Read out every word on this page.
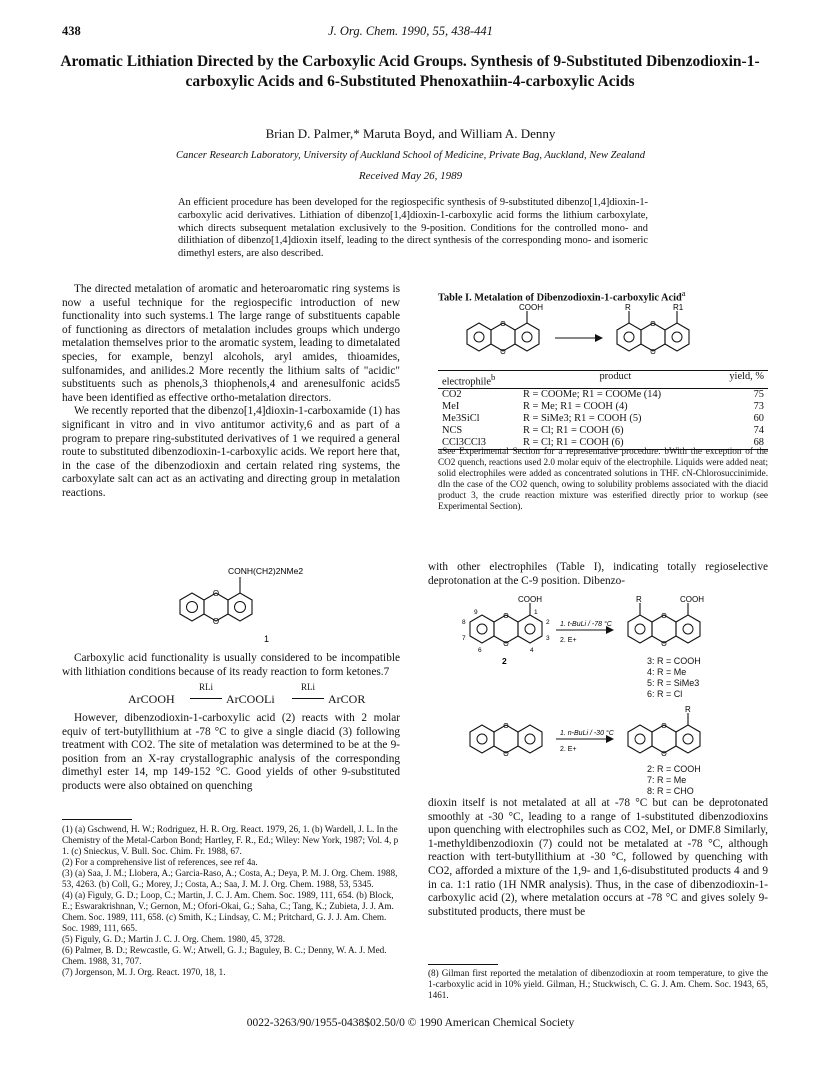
438	J. Org. Chem. 1990, 55, 438-441
Aromatic Lithiation Directed by the Carboxylic Acid Groups. Synthesis of 9-Substituted Dibenzodioxin-1-carboxylic Acids and 6-Substituted Phenoxathiin-4-carboxylic Acids
Brian D. Palmer,* Maruta Boyd, and William A. Denny
Cancer Research Laboratory, University of Auckland School of Medicine, Private Bag, Auckland, New Zealand
Received May 26, 1989
An efficient procedure has been developed for the regiospecific synthesis of 9-substituted dibenzo[1,4]dioxin-1-carboxylic acid derivatives. Lithiation of dibenzo[1,4]dioxin-1-carboxylic acid forms the lithium carboxylate, which directs subsequent metalation exclusively to the 9-position. Conditions for the controlled mono- and dilithiation of dibenzo[1,4]dioxin itself, leading to the direct synthesis of the corresponding mono- and isomeric dimethyl esters, are also described.

The directed metalation of aromatic and heteroaromatic ring systems is now a useful technique for the regiospecific introduction of new functionality into such systems.1 The large range of substituents capable of functioning as directors of metalation includes groups which undergo metalation themselves prior to the aromatic system, leading to dimetalated species, for example, benzyl alcohols, aryl amides, thioamides, sulfonamides, and anilides.2 More recently the lithium salts of "acidic" substituents such as phenols,3 thiophenols,4 and arenesulfonic acids5 have been identified as effective ortho-metalation directors.

We recently reported that the dibenzo[1,4]dioxin-1-carboxamide (1) has significant in vitro and in vivo antitumor activity,6 and as part of a program to prepare ring-substituted derivatives of 1 we required a general route to substituted dibenzodioxin-1-carboxylic acids. We report here that, in the case of the dibenzodioxin and certain related ring systems, the carboxylate salt can act as an activating and directing group in metalation reactions.

O
O
CONH(CH2)2NMe2
1

Carboxylic acid functionality is usually considered to be incompatible with lithiation conditions because of its ready reaction to form ketones.7

ArCOOH
RLi
ArCOOLi
RLi
ArCOR

However, dibenzodioxin-1-carboxylic acid (2) reacts with 2 molar equiv of tert-butyllithium at -78 °C to give a single diacid (3) following treatment with CO2. The site of metalation was determined to be at the 9-position from an X-ray crystallographic analysis of the corresponding dimethyl ester 14, mp 149-152 °C. Good yields of other 9-substituted products were also obtained on quenching

(1) (a) Gschwend, H. W.; Rodriguez, H. R. Org. React. 1979, 26, 1. (b) Wardell, J. L. In the Chemistry of the Metal-Carbon Bond; Hartley, F. R., Ed.; Wiley: New York, 1987; Vol. 4, p 1. (c) Snieckus, V. Bull. Soc. Chim. Fr. 1988, 67.

(2) For a comprehensive list of references, see ref 4a.

(3) (a) Saa, J. M.; Llobera, A.; Garcia-Raso, A.; Costa, A.; Deya, P. M. J. Org. Chem. 1988, 53, 4263. (b) Coll, G.; Morey, J.; Costa, A.; Saa, J. M. J. Org. Chem. 1988, 53, 5345.

(4) (a) Figuly, G. D.; Loop, C.; Martin, J. C. J. Am. Chem. Soc. 1989, 111, 654. (b) Block, E.; Eswarakrishnan, V.; Gernon, M.; Ofori-Okai, G.; Saha, C.; Tang, K.; Zubieta, J. J. Am. Chem. Soc. 1989, 111, 658. (c) Smith, K.; Lindsay, C. M.; Pritchard, G. J. J. Am. Chem. Soc. 1989, 111, 665.

(5) Figuly, G. D.; Martin J. C. J. Org. Chem. 1980, 45, 3728.

(6) Palmer, B. D.; Rewcastle, G. W.; Atwell, G. J.; Baguley, B. C.; Denny, W. A. J. Med. Chem. 1988, 31, 707.

(7) Jorgenson, M. J. Org. React. 1970, 18, 1.

Table I. Metalation of Dibenzodioxin-1-carboxylic Acid$^a$
O
O
O
O
COOH	R	R1
electrophile$^b$	product	yield, %
CO2	R = COOMe; R1 = COOMe (14)	75
MeI	R = Me; R1 = COOH (4)	73
Me3SiCl	R = SiMe3; R1 = COOH (5)	60
NCS	R = Cl; R1 = COOH (6)	74
CCl3CCl3	R = Cl; R1 = COOH (6)	68
aSee Experimental Section for a representative procedure. bWith the exception of the CO2 quench, reactions used 2.0 molar equiv of the electrophile. Liquids were added neat; solid electrophiles were added as concentrated solutions in THF. cN-Chlorosuccinimide. dIn the case of the CO2 quench, owing to solubility problems associated with the diacid product 3, the crude reaction mixture was esterified directly prior to workup (see Experimental Section).

with other electrophiles (Table I), indicating totally regioselective deprotonation at the C-9 position. Dibenzo-

O
O
O
O
COOH	R	COOH
9
8
7
6	4
3
2
1
1. t-BuLi / -78 °C
2. E+
2	3: R = COOH
4: R = Me
5: R = SiMe3
6: R = Cl
O
O
O
O
R
1. n-BuLi / -30 °C
2. E+
2: R = COOH
7: R = Me
8: R = CHO

dioxin itself is not metalated at all at -78 °C but can be deprotonated smoothly at -30 °C, leading to a range of 1-substituted dibenzodioxins upon quenching with electrophiles such as CO2, MeI, or DMF.8 Similarly, 1-methyldibenzodioxin (7) could not be metalated at -78 °C, although reaction with tert-butyllithium at -30 °C, followed by quenching with CO2, afforded a mixture of the 1,9- and 1,6-disubstituted products 4 and 9 in ca. 1:1 ratio (1H NMR analysis). Thus, in the case of dibenzodioxin-1-carboxylic acid (2), where metalation occurs at -78 °C and gives solely 9-substituted products, there must be

(8) Gilman first reported the metalation of dibenzodioxin at room temperature, to give the 1-carboxylic acid in 10% yield. Gilman, H.; Stuckwisch, C. G. J. Am. Chem. Soc. 1943, 65, 1461.
0022-3263/90/1955-0438$02.50/0 © 1990 American Chemical Society
